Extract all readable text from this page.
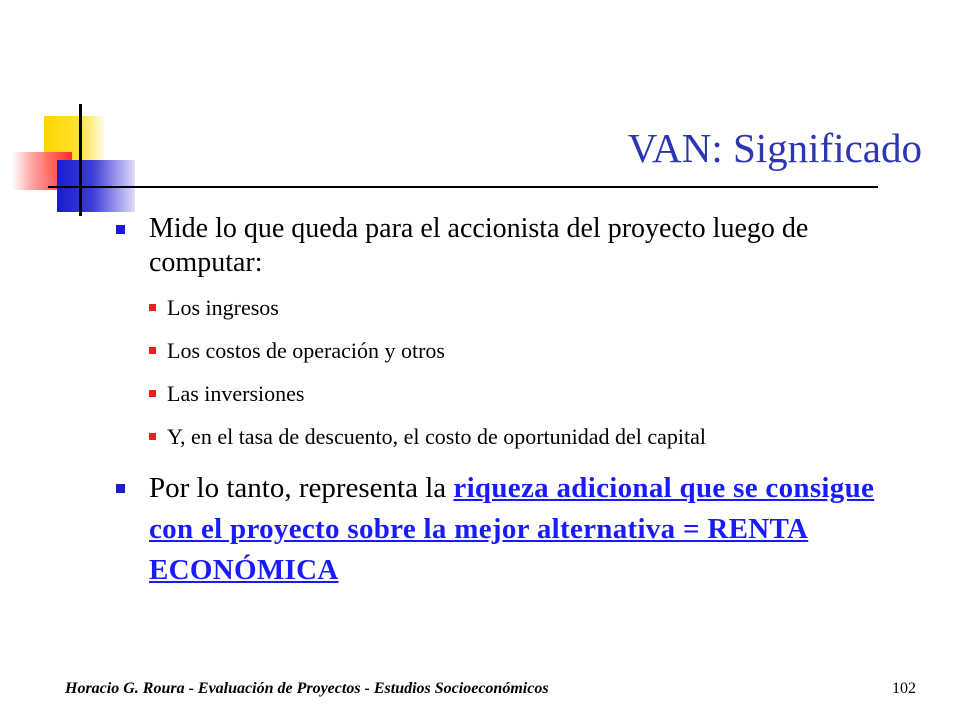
VAN: Significado
Mide lo que queda para el accionista del proyecto luego de computar:
Los ingresos
Los costos de operación y otros
Las inversiones
Y, en el tasa de descuento, el costo de oportunidad del capital
Por lo tanto, representa la riqueza adicional que se consigue con el proyecto sobre la mejor alternativa = RENTA ECONÓMICA
Horacio G. Roura - Evaluación de Proyectos - Estudios Socioeconómicos	102
